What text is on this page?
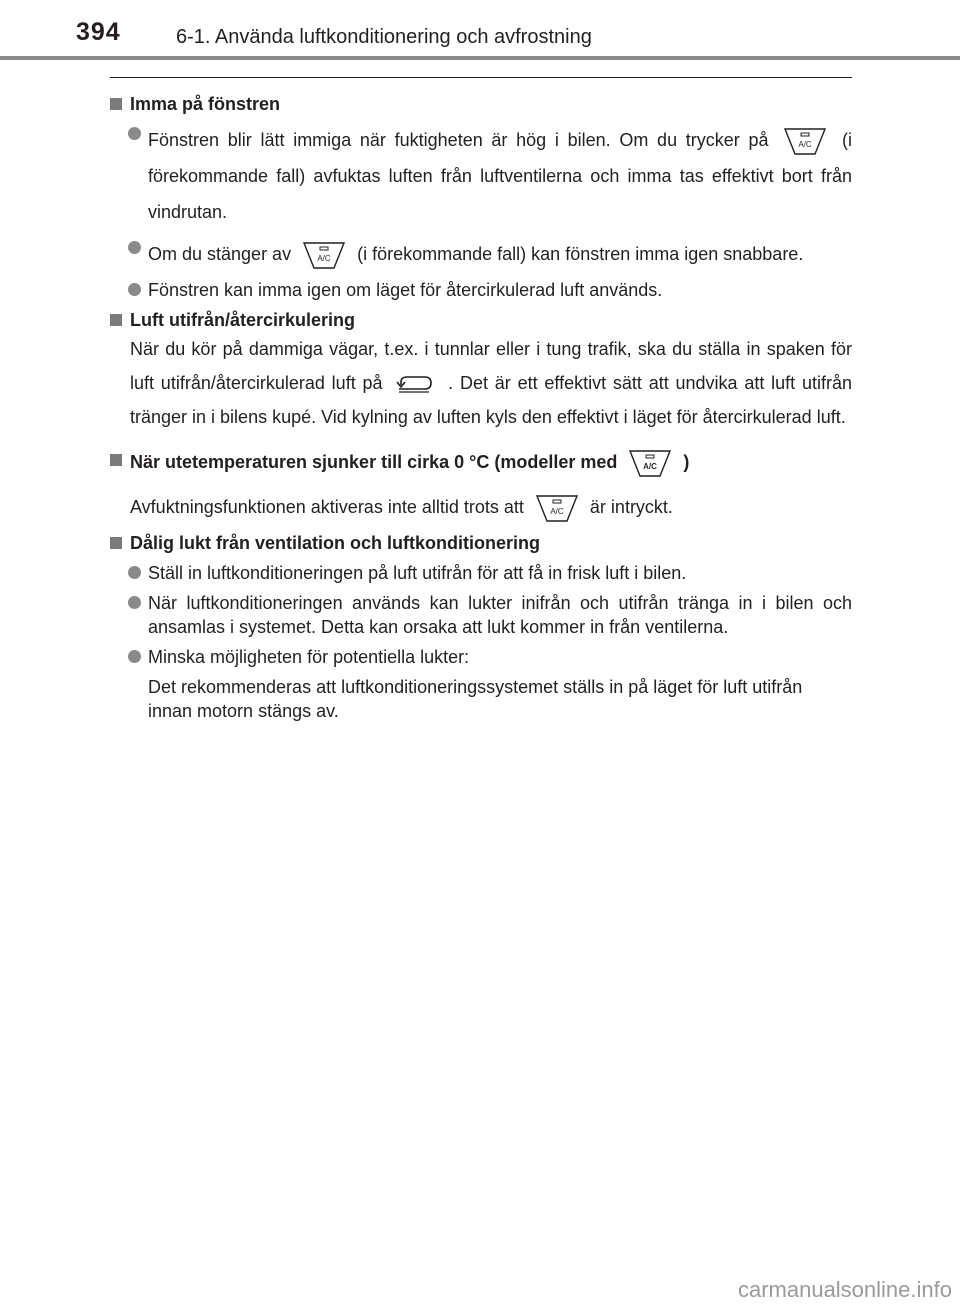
394	6-1. Använda luftkonditionering och avfrostning
Imma på fönstren
Fönstren blir lätt immiga när fuktigheten är hög i bilen. Om du trycker på	A/C (i förekommande fall) avfuktas luften från luftventilerna och imma tas effektivt bort från vindrutan.
Om du stänger av	A/C (i förekommande fall) kan fönstren imma igen snabbare.
Fönstren kan imma igen om läget för återcirkulerad luft används.
Luft utifrån/återcirkulering
När du kör på dammiga vägar, t.ex. i tunnlar eller i tung trafik, ska du ställa in spaken för luft utifrån/återcirkulerad luft på	. Det är ett effektivt sätt att undvika att luft utifrån tränger in i bilens kupé. Vid kylning av luften kyls den effektivt i läget för återcirkulerad luft.
När utetemperaturen sjunker till cirka 0 °C (modeller med	A/C )
Avfuktningsfunktionen aktiveras inte alltid trots att	A/C är intryckt.
Dålig lukt från ventilation och luftkonditionering
Ställ in luftkonditioneringen på luft utifrån för att få in frisk luft i bilen.
När luftkonditioneringen används kan lukter inifrån och utifrån tränga in i bilen och ansamlas i systemet. Detta kan orsaka att lukt kommer in från ventilerna.
Minska möjligheten för potentiella lukter:
Det rekommenderas att luftkonditioneringssystemet ställs in på läget för luft utifrån innan motorn stängs av.
carmanualsonline.info
